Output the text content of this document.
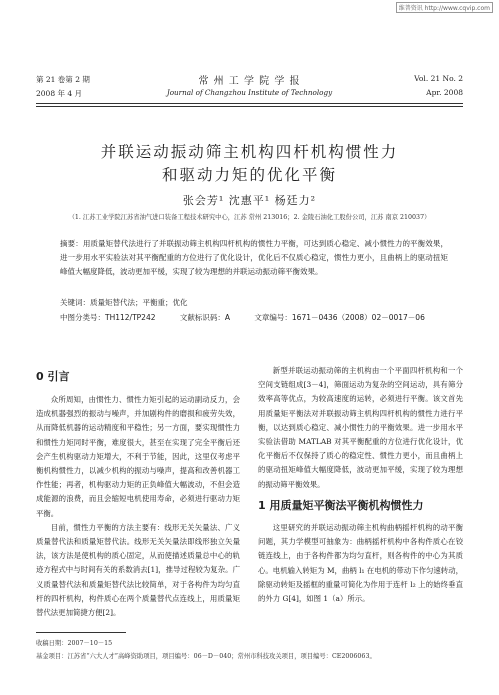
维普资讯 http://www.cqvip.com
第 21 卷第 2 期
2008 年 4 月
常 州 工 学 院 学 报
Journal of Changzhou Institute of Technology
Vol. 21 No. 2
Apr. 2008
并联运动振动筛主机构四杆机构惯性力
和驱动力矩的优化平衡
张会芳¹ 沈惠平¹ 杨廷力²
（1. 江苏工业学院江苏省油气进口装备工程技术研究中心，江苏 常州 213016；2. 金陵石油化工股份公司，江苏 南京 210037）
摘要：用质量矩替代法进行了并联振动筛主机构四杆机构的惯性力平衡，可达到质心稳定、减小惯性力的平衡效果，进一步用水平实验法对其平衡配重的方位进行了优化设计，优化后不仅质心稳定，惯性力更小，且曲柄上的驱动扭矩峰值大幅度降低，波动更加平缓，实现了较为理想的并联运动振动筛平衡效果。
关键词：质量矩替代法；平衡重；优化
中图分类号：TH112/TP242	文献标识码：A	文章编号：1671－0436（2008）02－0017－06
0 引言

众所周知，由惯性力、惯性力矩引起的运动副动反力，会造成机器强烈的振动与噪声，并加剧构件的磨损和疲劳失效，从而降低机器的运动精度和平稳性；另一方面，要实现惯性力和惯性力矩同时平衡，难度很大，甚至在实现了完全平衡后还会产生机构驱动力矩增大，不利于节能，因此，这里仅考虑平衡机构惯性力，以减少机构的振动与噪声，提高和改善机器工作性能；再者，机构驱动力矩的正负峰值大幅波动，不但会造成能源的浪费，而且会缩短电机使用寿命，必须进行驱动力矩平衡。

目前，惯性力平衡的方法主要有：线形无关矢量法、广义质量替代法和质量矩替代法。线形无关矢量法即线形独立矢量法，该方法是使机构的质心固定，从而使描述质量总中心的轨迹方程式中与时间有关的系数消去[1]，推导过程较为复杂。广义质量替代法和质量矩替代法比较简单，对于各构件为均匀直杆的四杆机构，构件质心在两个质量替代点连线上，用质量矩替代法更加简捷方便[2]。

新型并联运动振动筛的主机构由一个平面四杆机构和一个空间支链组成[3－4]，筛面运动为复杂的空间运动，具有筛分效率高等优点，为较高速度的运转，必须进行平衡。该文首先用质量矩平衡法对并联振动筛主机构四杆机构的惯性力进行平衡，以达到质心稳定、减小惯性力的平衡效果。进一步用水平实验法借助 MATLAB 对其平衡配重的方位进行优化设计，优化平衡后不仅保持了质心的稳定性、惯性力更小，而且曲柄上的驱动扭矩峰值大幅度降低，波动更加平缓，实现了较为理想的振动筛平衡效果。

1 用质量矩平衡法平衡机构惯性力

这里研究的并联运动振动筛主机构曲柄摇杆机构的动平衡问题，其力学模型可抽象为：曲柄摇杆机构中各构件质心在铰链连线上，由于各构件都为均匀直杆，则各构件的中心为其质心。电机输入转矩为 M，曲柄 l₁ 在电机的带动下作匀速转动，除驱动转矩及摇框的重量可简化为作用于连杆 l₂ 上的始终垂直的外力 G[4]，如图 1（a）所示。

收稿日期：2007－10－15
基金项目：江苏省“六大人才”高峰资助项目，项目编号：06－D－040；常州市科技攻关项目，项目编号：CE2006063。
